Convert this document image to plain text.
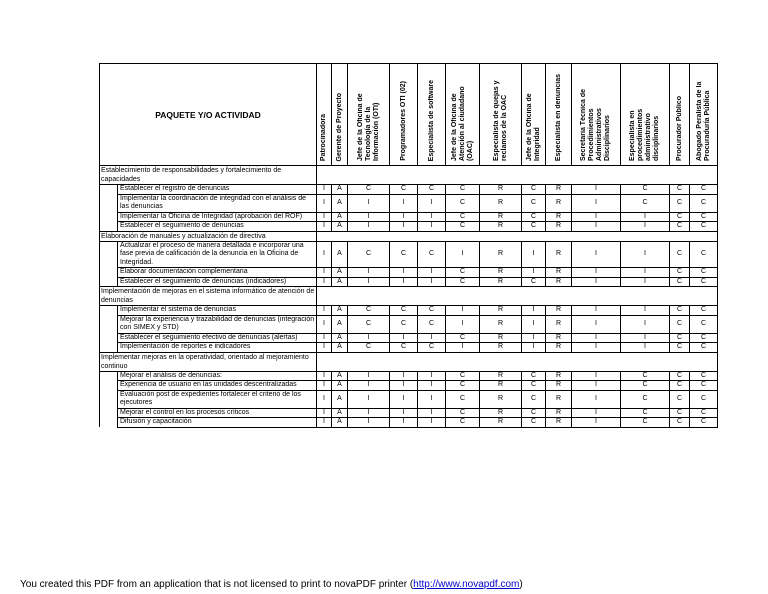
PAQUETE Y/O ACTIVIDAD		Patrocinadora	Gerente de Proyecto	Jefe de la Oficina de Tecnología de la Información (OTI)	Programadores OTI (02)	Especialista de software	Jefe de la Oficina de Atención al ciudadano (OAC)	Especialista de quejas y reclamos de la OAC	Jefe de la Oficina de Integridad	Especialista en denuncias	Secretaria Técnica de Procedimientos Administrativos Disciplinarios	Especialista en procedimientos administrativo disciplinarios	Procurador Público	Abogado Peralista de la Procuraduría Pública

Establecimiento de responsabilidades y fortalecimiento de capacidades														
	Establecer el registro de denuncias	I	A	C	C	C	C	R	C	R	I	C	C	C
	Implementar la coordinación de integridad con el análisis de las denuncias	I	A	I	I	I	C	R	C	R	I	C	C	C
	Implementar la Oficina de Integridad (aprobación del ROF)	I	A	I	I	I	C	R	C	R	I	I	C	C
	Establecer el seguimiento de denuncias	I	A	I	I	I	C	R	C	R	I	I	C	C
Elaboración de manuales y actualización de directiva														
	Actualizar el proceso de manera detallada e incorporar una fase previa de calificación de la denuncia en la Oficina de Integridad.	I	A	C	C	C	I	R	I	R	I	I	C	C
	Elaborar documentación complementaria	I	A	I	I	I	C	R	I	R	I	I	C	C
	Establecer el seguimiento de denuncias (indicadores)	I	A	I	I	I	C	R	C	R	I	I	C	C
Implementación de mejoras en el sistema informático de atención de denuncias														
	Implementar el sistema de denuncias	I	A	C	C	C	I	R	I	R	I	I	C	C
	Mejorar la experiencia y trazabilidad de denuncias (integración con SIMEX y STD)	I	A	C	C	C	I	R	I	R	I	I	C	C
	Establecer el seguimiento efectivo de denuncias (alertas)	I	A	I	I	I	C	R	I	R	I	I	C	C
	Implementación de reportes e indicadores	I	A	C	C	C	I	R	I	R	I	I	C	C
Implementar mejoras en la operatividad, orientado al mejoramiento continuo														
	Mejorar el análisis de denuncias:	I	A	I	I	I	C	R	C	R	I	C	C	C
	Experiencia de usuario en las unidades descentralizadas	I	A	I	I	I	C	R	C	R	I	C	C	C
	Evaluación post de expedientes fortalecer el criterio de los ejecutores	I	A	I	I	I	C	R	C	R	I	C	C	C
	Mejorar el control en los procesos críticos	I	A	I	I	I	C	R	C	R	I	C	C	C
	Difusión y capacitación	I	A	I	I	I	C	R	C	R	I	C	C	C
You created this PDF from an application that is not licensed to print to novaPDF printer (http://www.novapdf.com)
